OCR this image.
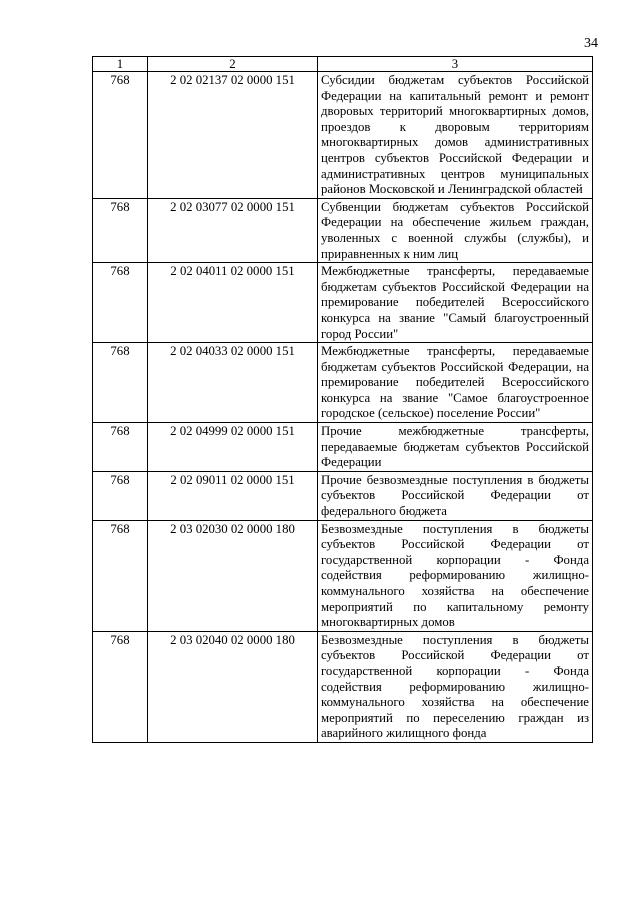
34
1	2	3
768	2 02 02137 02 0000 151	Субсидии бюджетам субъектов Российской Федерации на капитальный ремонт и ремонт дворовых территорий многоквартирных домов, проездов к дворовым территориям многоквартирных домов административных центров субъектов Российской Федерации и административных центров муниципальных районов Московской и Ленинградской областей
768	2 02 03077 02 0000 151	Субвенции бюджетам субъектов Российской Федерации на обеспечение жильем граждан, уволенных с военной службы (службы), и приравненных к ним лиц
768	2 02 04011 02 0000 151	Межбюджетные трансферты, передаваемые бюджетам субъектов Российской Федерации на премирование победителей Всероссийского конкурса на звание "Самый благоустроенный город России"
768	2 02 04033 02 0000 151	Межбюджетные трансферты, передаваемые бюджетам субъектов Российской Федерации, на премирование победителей Всероссийского конкурса на звание "Самое благоустроенное городское (сельское) поселение России"
768	2 02 04999 02 0000 151	Прочие межбюджетные трансферты, передаваемые бюджетам субъектов Российской Федерации
768	2 02 09011 02 0000 151	Прочие безвозмездные поступления в бюджеты субъектов Российской Федерации от федерального бюджета
768	2 03 02030 02 0000 180	Безвозмездные поступления в бюджеты субъектов Российской Федерации от государственной корпорации - Фонда содействия реформированию жилищно-коммунального хозяйства на обеспечение мероприятий по капитальному ремонту многоквартирных домов
768	2 03 02040 02 0000 180	Безвозмездные поступления в бюджеты субъектов Российской Федерации от государственной корпорации - Фонда содействия реформированию жилищно-коммунального хозяйства на обеспечение мероприятий по переселению граждан из аварийного жилищного фонда
